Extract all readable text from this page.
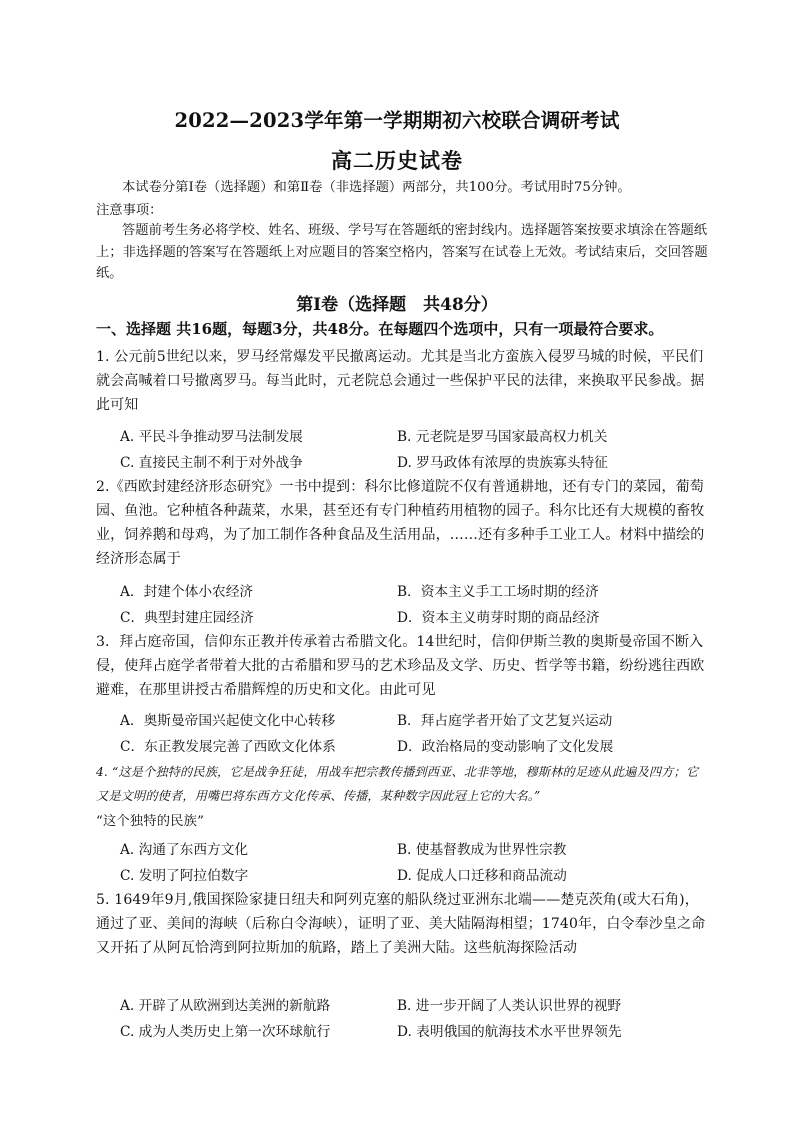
2022—2023学年第一学期期初六校联合调研考试
高二历史试卷
本试卷分第Ⅰ卷（选择题）和第Ⅱ卷（非选择题）两部分，共100分。考试用时75分钟。
注意事项：
答题前考生务必将学校、姓名、班级、学号写在答题纸的密封线内。选择题答案按要求填涂在答题纸上；非选择题的答案写在答题纸上对应题目的答案空格内，答案写在试卷上无效。考试结束后，交回答题纸。
第Ⅰ卷（选择题　共48分）
一、选择题 共16题，每题3分，共48分。在每题四个选项中，只有一项最符合要求。
1. 公元前5世纪以来，罗马经常爆发平民撤离运动。尤其是当北方蛮族入侵罗马城的时候，平民们就会高喊着口号撤离罗马。每当此时，元老院总会通过一些保护平民的法律，来换取平民参战。据此可知
A. 平民斗争推动罗马法制发展	B. 元老院是罗马国家最高权力机关
C. 直接民主制不利于对外战争	D. 罗马政体有浓厚的贵族寡头特征
2.《西欧封建经济形态研究》一书中提到：科尔比修道院不仅有普通耕地，还有专门的菜园，葡萄园、鱼池。它种植各种蔬菜，水果，甚至还有专门种植药用植物的园子。科尔比还有大规模的畜牧业，饲养鹅和母鸡，为了加工制作各种食品及生活用品，……还有多种手工业工人。材料中描绘的经济形态属于
A．封建个体小农经济	B．资本主义手工工场时期的经济
C．典型封建庄园经济	D．资本主义萌芽时期的商品经济
3．拜占庭帝国，信仰东正教并传承着古希腊文化。14世纪时，信仰伊斯兰教的奥斯曼帝国不断入侵，使拜占庭学者带着大批的古希腊和罗马的艺术珍品及文学、历史、哲学等书籍，纷纷逃往西欧避难，在那里讲授古希腊辉煌的历史和文化。由此可见
A．奥斯曼帝国兴起使文化中心转移	B．拜占庭学者开始了文艺复兴运动
C．东正教发展完善了西欧文化体系	D．政治格局的变动影响了文化发展
4. “这是个独特的民族，它是战争狂徒，用战车把宗教传播到西亚、北非等地，穆斯林的足迹从此遍及四方；它又是文明的使者，用嘴巴将东西方文化传承、传播，某种数字因此冠上它的大名。”
“这个独特的民族”
A. 沟通了东西方文化	B. 使基督教成为世界性宗教
C. 发明了阿拉伯数字	D. 促成人口迁移和商品流动
5. 1649年9月,俄国探险家捷日纽夫和阿列克塞的船队绕过亚洲东北端——楚克茨角(或大石角)，通过了亚、美间的海峡（后称白令海峡），证明了亚、美大陆隔海相望；1740年，白令奉沙皇之命又开拓了从阿瓦恰湾到阿拉斯加的航路，踏上了美洲大陆。这些航海探险活动
A. 开辟了从欧洲到达美洲的新航路	B. 进一步开阔了人类认识世界的视野
C. 成为人类历史上第一次环球航行	D. 表明俄国的航海技术水平世界领先
